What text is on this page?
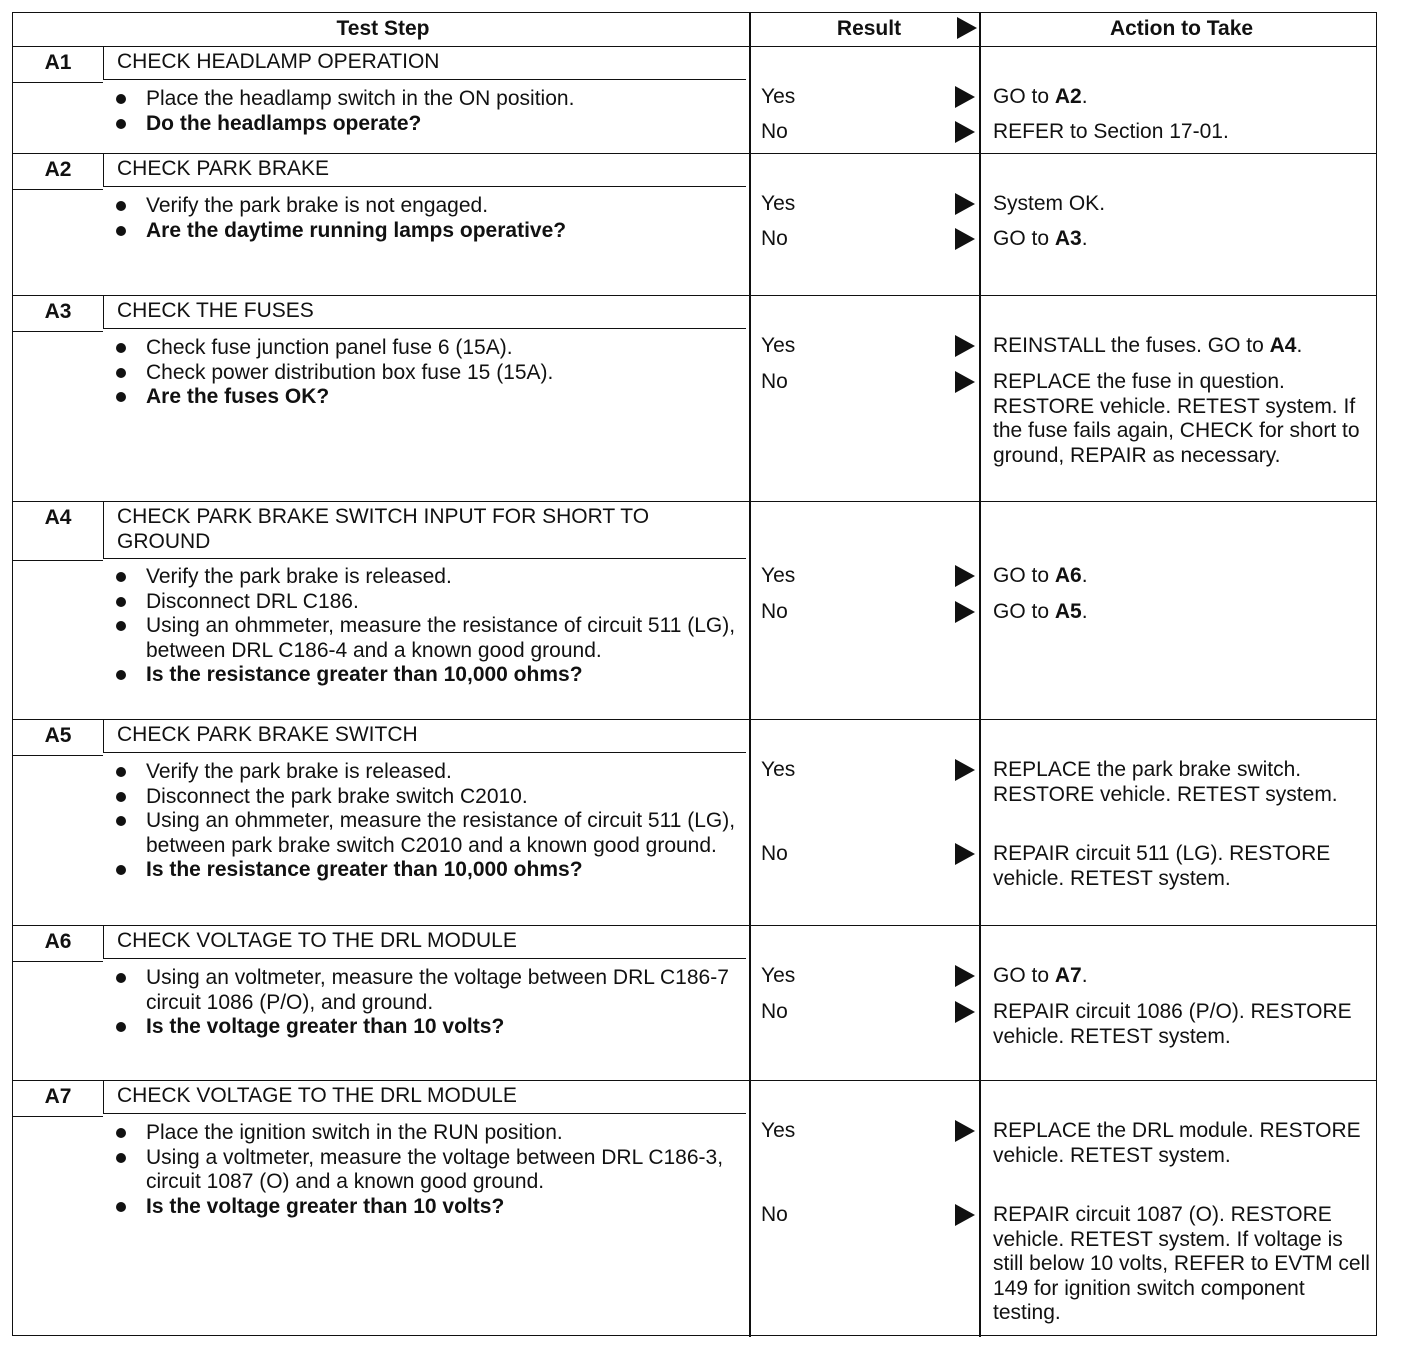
Test Step	Result	Action to Take
A1	CHECK HEADLAMP OPERATION
Place the headlamp switch in the ON position.
Do the headlamps operate?
Yes	GO to A2.
No	REFER to Section 17-01.
A2	CHECK PARK BRAKE
Verify the park brake is not engaged.
Are the daytime running lamps operative?
Yes	System OK.
No	GO to A3.
A3	CHECK THE FUSES
Check fuse junction panel fuse 6 (15A).
Check power distribution box fuse 15 (15A).
Are the fuses OK?
Yes	REINSTALL the fuses. GO to A4.
No	REPLACE the fuse in question. RESTORE vehicle. RETEST system. If the fuse fails again, CHECK for short to ground, REPAIR as necessary.
A4	CHECK PARK BRAKE SWITCH INPUT FOR SHORT TO GROUND
Verify the park brake is released.
Disconnect DRL C186.
Using an ohmmeter, measure the resistance of circuit 511 (LG), between DRL C186-4 and a known good ground.
Is the resistance greater than 10,000 ohms?
Yes	GO to A6.
No	GO to A5.
A5	CHECK PARK BRAKE SWITCH
Verify the park brake is released.
Disconnect the park brake switch C2010.
Using an ohmmeter, measure the resistance of circuit 511 (LG), between park brake switch C2010 and a known good ground.
Is the resistance greater than 10,000 ohms?
Yes	REPLACE the park brake switch. RESTORE vehicle. RETEST system.
No	REPAIR circuit 511 (LG). RESTORE vehicle. RETEST system.
A6	CHECK VOLTAGE TO THE DRL MODULE
Using an voltmeter, measure the voltage between DRL C186-7 circuit 1086 (P/O), and ground.
Is the voltage greater than 10 volts?
Yes	GO to A7.
No	REPAIR circuit 1086 (P/O). RESTORE vehicle. RETEST system.
A7	CHECK VOLTAGE TO THE DRL MODULE
Place the ignition switch in the RUN position.
Using a voltmeter, measure the voltage between DRL C186-3, circuit 1087 (O) and a known good ground.
Is the voltage greater than 10 volts?
Yes	REPLACE the DRL module. RESTORE vehicle. RETEST system.
No	REPAIR circuit 1087 (O). RESTORE vehicle. RETEST system. If voltage is still below 10 volts, REFER to EVTM cell 149 for ignition switch component testing.
